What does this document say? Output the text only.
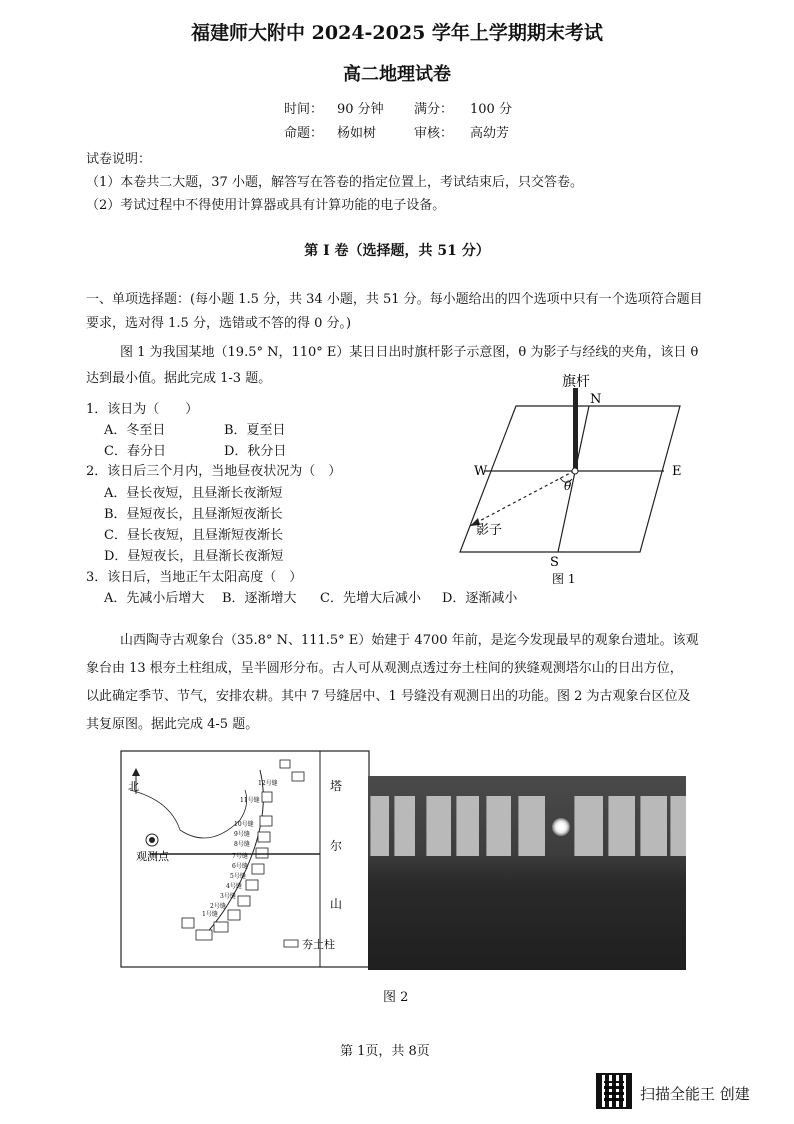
福建师大附中 2024-2025 学年上学期期末考试
高二地理试卷
时间： 90 分钟 满分： 100 分
命题： 杨如树	审核： 高幼芳
试卷说明：
（1）本卷共二大题，37 小题，解答写在答卷的指定位置上，考试结束后，只交答卷。
（2）考试过程中不得使用计算器或具有计算功能的电子设备。
第 I 卷（选择题，共 51 分）
一、单项选择题：(每小题 1.5 分，共 34 小题，共 51 分。每小题给出的四个选项中只有一个选项符合题目
要求，选对得 1.5 分，选错或不答的得 0 分。)
图 1 为我国某地（19.5° N，110° E）某日日出时旗杆影子示意图，θ 为影子与经线的夹角，该日 θ
达到最小值。据此完成 1-3 题。
1．该日为（　　）
A．冬至日	B．夏至日
C．春分日	D．秋分日
2．该日后三个月内，当地昼夜状况为（　）
A．昼长夜短，且昼渐长夜渐短
B．昼短夜长，且昼渐短夜渐长
C．昼长夜短，且昼渐短夜渐长
D．昼短夜长，且昼渐长夜渐短
3．该日后，当地正午太阳高度（　）
A．先减小后增大 B．逐渐增大 C．先增大后减小 D．逐渐减小
旗杆
N
S
E
W
θ
影子
图 1
山西陶寺古观象台（35.8° N、111.5° E）始建于 4700 年前，是迄今发现最早的观象台遗址。该观
象台由 13 根夯土柱组成，呈半圆形分布。古人可从观测点透过夯土柱间的狭缝观测塔尔山的日出方位，
以此确定季节、节气，安排农耕。其中 7 号缝居中、1 号缝没有观测日出的功能。图 2 为古观象台区位及
其复原图。据此完成 4-5 题。
12号缝
11号缝
10号缝
9号缝
8号缝
7号缝
6号缝
5号缝
4号缝
3号缝
2号缝
1号缝
北
观测点
塔
尔
山
夯土柱
图 2
第 1页，共 8页
扫描全能王 创建
